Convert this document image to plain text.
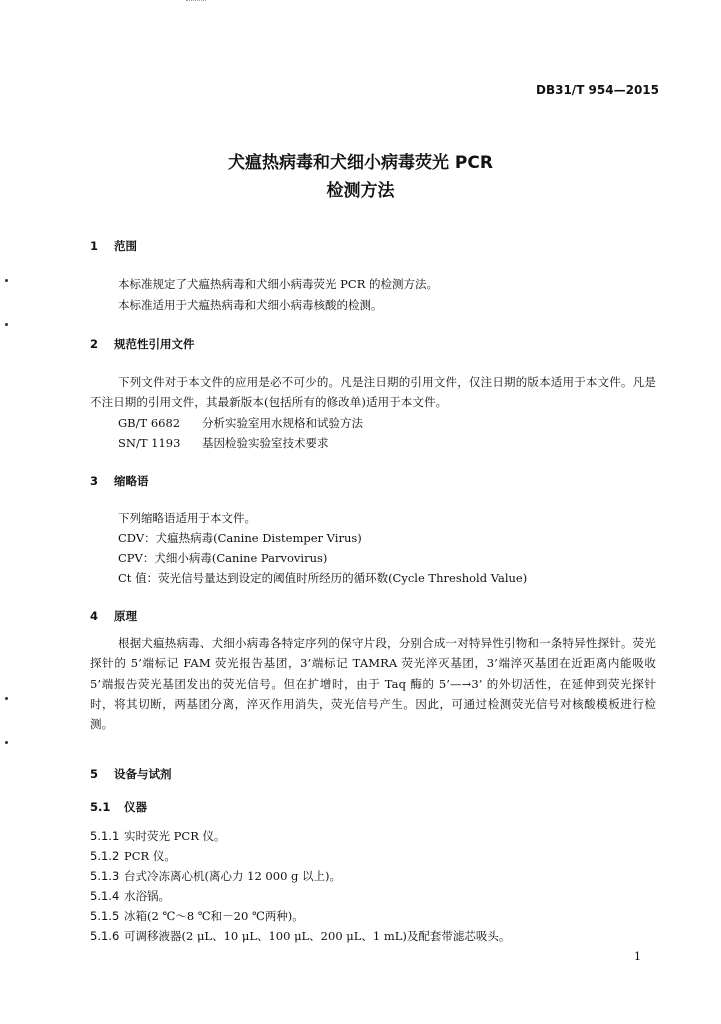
DB31/T 954—2015
犬瘟热病毒和犬细小病毒荧光 PCR
检测方法
1 范围
本标准规定了犬瘟热病毒和犬细小病毒荧光 PCR 的检测方法。
本标准适用于犬瘟热病毒和犬细小病毒核酸的检测。
2 规范性引用文件
下列文件对于本文件的应用是必不可少的。凡是注日期的引用文件，仅注日期的版本适用于本文件。凡是不注日期的引用文件，其最新版本(包括所有的修改单)适用于本文件。
GB/T 6682 分析实验室用水规格和试验方法
SN/T 1193 基因检验实验室技术要求
3 缩略语
下列缩略语适用于本文件。
CDV：犬瘟热病毒(Canine Distemper Virus)
CPV：犬细小病毒(Canine Parvovirus)
Ct 值：荧光信号量达到设定的阈值时所经历的循环数(Cycle Threshold Value)
4 原理
根据犬瘟热病毒、犬细小病毒各特定序列的保守片段，分别合成一对特异性引物和一条特异性探针。荧光探针的 5’端标记 FAM 荧光报告基团，3’端标记 TAMRA 荧光淬灭基团，3’端淬灭基团在近距离内能吸收 5’端报告荧光基团发出的荧光信号。但在扩增时，由于 Taq 酶的 5’—→3’ 的外切活性，在延伸到荧光探针时，将其切断，两基团分离，淬灭作用消失，荧光信号产生。因此，可通过检测荧光信号对核酸模板进行检测。
5 设备与试剂
5.1 仪器
5.1.1 实时荧光 PCR 仪。
5.1.2 PCR 仪。
5.1.3 台式冷冻离心机(离心力 12 000 g 以上)。
5.1.4 水浴锅。
5.1.5 冰箱(2 ℃～8 ℃和－20 ℃两种)。
5.1.6 可调移液器(2 μL、10 μL、100 μL、200 μL、1 mL)及配套带滤芯吸头。
1
